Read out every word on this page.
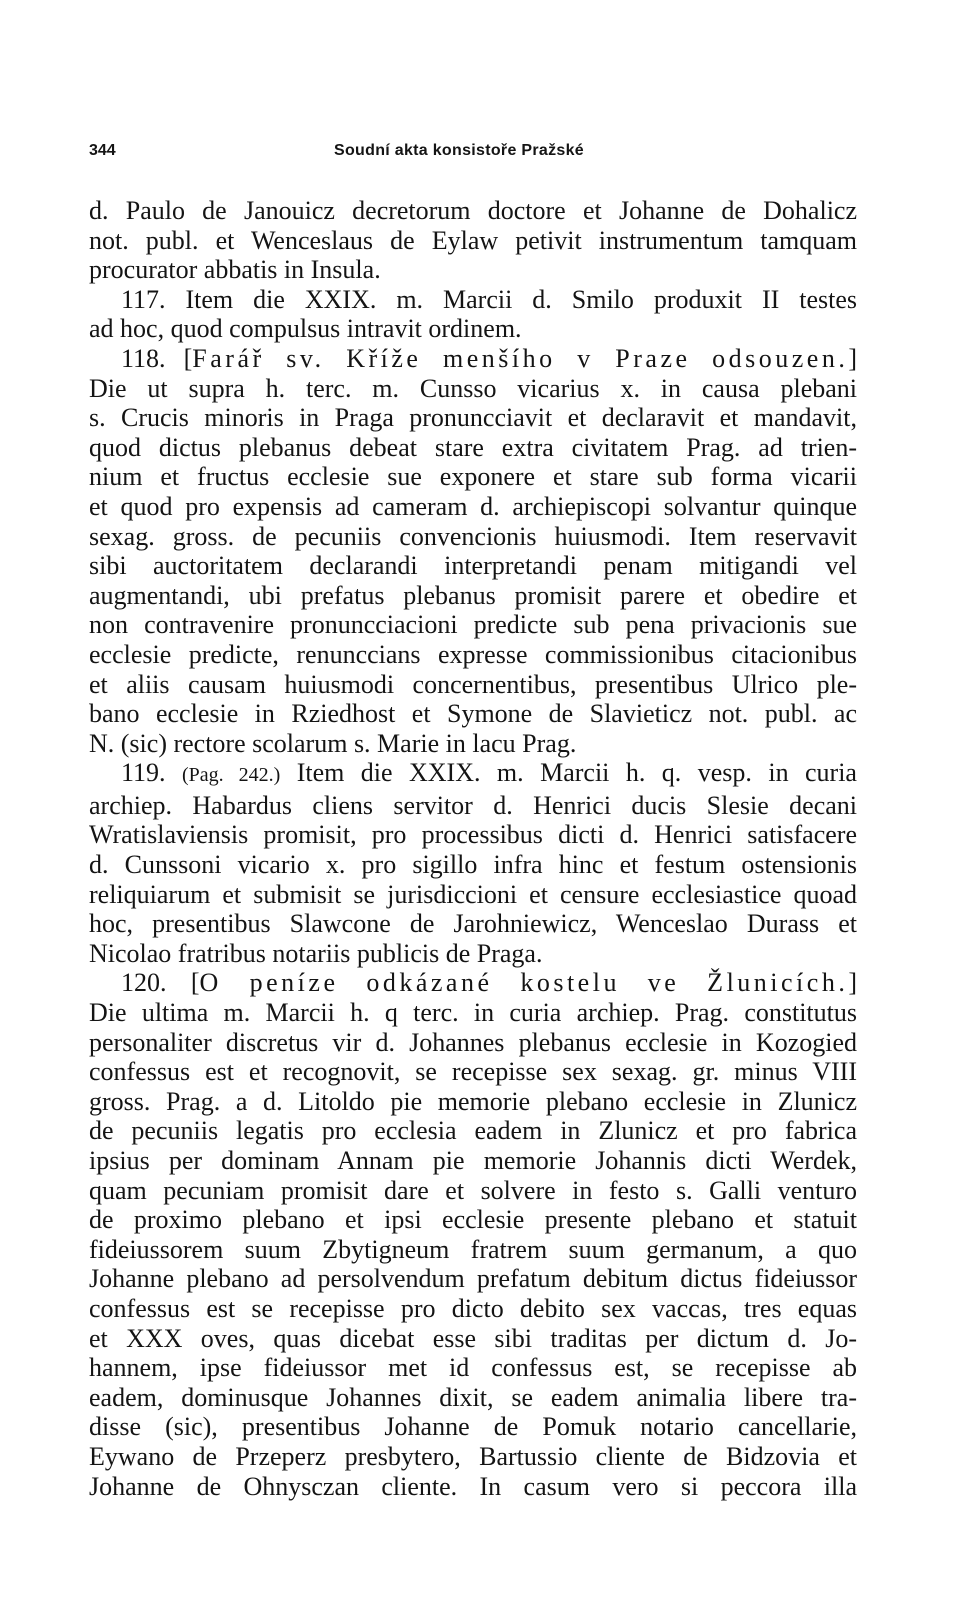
344	Soudní akta konsistoře Pražské
d. Paulo de Janouicz decretorum doctore et Johanne de Dohalicz
not. publ. et Wenceslaus de Eylaw petivit instrumentum tamquam
procurator abbatis in Insula.
117. Item die XXIX. m. Marcii d. Smilo produxit II testes
ad hoc, quod compulsus intravit ordinem.
118. [Farář sv. Kříže menšího v Praze odsouzen.]
Die ut supra h. terc. m. Cunsso vicarius x. in causa plebani
s. Crucis minoris in Praga pronuncciavit et declaravit et mandavit,
quod dictus plebanus debeat stare extra civitatem Prag. ad trien-
nium et fructus ecclesie sue exponere et stare sub forma vicarii
et quod pro expensis ad cameram d. archiepiscopi solvantur quinque
sexag. gross. de pecuniis convencionis huiusmodi. Item reservavit
sibi auctoritatem declarandi interpretandi penam mitigandi vel
augmentandi, ubi prefatus plebanus promisit parere et obedire et
non contravenire pronuncciacioni predicte sub pena privacionis sue
ecclesie predicte, renunccians expresse commissionibus citacionibus
et aliis causam huiusmodi concernentibus, presentibus Ulrico ple-
bano ecclesie in Rziedhost et Symone de Slavieticz not. publ. ac
N. (sic) rectore scolarum s. Marie in lacu Prag.
119. (Pag. 242.) Item die XXIX. m. Marcii h. q. vesp. in curia
archiep. Habardus cliens servitor d. Henrici ducis Slesie decani
Wratislaviensis promisit, pro processibus dicti d. Henrici satisfacere
d. Cunssoni vicario x. pro sigillo infra hinc et festum ostensionis
reliquiarum et submisit se jurisdiccioni et censure ecclesiastice quoad
hoc, presentibus Slawcone de Jarohniewicz, Wenceslao Durass et
Nicolao fratribus notariis publicis de Praga.
120. [O peníze odkázané kostelu ve Žlunicích.]
Die ultima m. Marcii h. q terc. in curia archiep. Prag. constitutus
personaliter discretus vir d. Johannes plebanus ecclesie in Kozogied
confessus est et recognovit, se recepisse sex sexag. gr. minus VIII
gross. Prag. a d. Litoldo pie memorie plebano ecclesie in Zlunicz
de pecuniis legatis pro ecclesia eadem in Zlunicz et pro fabrica
ipsius per dominam Annam pie memorie Johannis dicti Werdek,
quam pecuniam promisit dare et solvere in festo s. Galli venturo
de proximo plebano et ipsi ecclesie presente plebano et statuit
fideiussorem suum Zbytigneum fratrem suum germanum, a quo
Johanne plebano ad persolvendum prefatum debitum dictus fideiussor
confessus est se recepisse pro dicto debito sex vaccas, tres equas
et XXX oves, quas dicebat esse sibi traditas per dictum d. Jo-
hannem, ipse fideiussor met id confessus est, se recepisse ab
eadem, dominusque Johannes dixit, se eadem animalia libere tra-
disse (sic), presentibus Johanne de Pomuk notario cancellarie,
Eywano de Przeperz presbytero, Bartussio cliente de Bidzovia et
Johanne de Ohnysczan cliente. In casum vero si peccora illa
